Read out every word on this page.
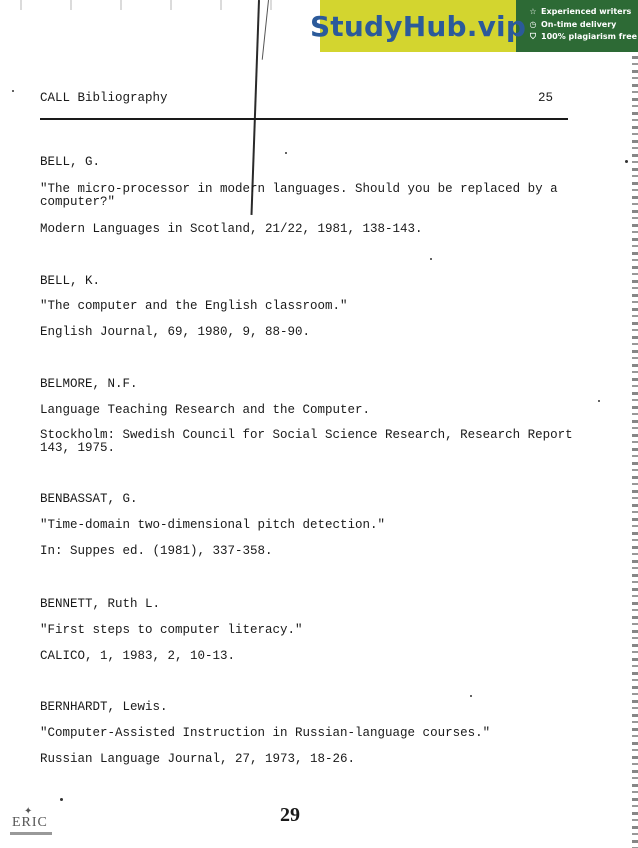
StudyHub.vip ☆ Experienced writers
◷ On-time delivery
⛉ 100% plagiarism free
CALL Bibliography	25
BELL, G.
"The micro-processor in modern languages. Should you be replaced by a computer?"
Modern Languages in Scotland, 21/22, 1981, 138-143.
BELL, K.
"The computer and the English classroom."
English Journal, 69, 1980, 9, 88-90.
BELMORE, N.F.
Language Teaching Research and the Computer.
Stockholm: Swedish Council for Social Science Research, Research Report 143, 1975.
BENBASSAT, G.
"Time-domain two-dimensional pitch detection."
In: Suppes ed. (1981), 337-358.
BENNETT, Ruth L.
"First steps to computer literacy."
CALICO, 1, 1983, 2, 10-13.
BERNHARDT, Lewis.
"Computer-Assisted Instruction in Russian-language courses."
Russian Language Journal, 27, 1973, 18-26.
✦
ERIC	29
